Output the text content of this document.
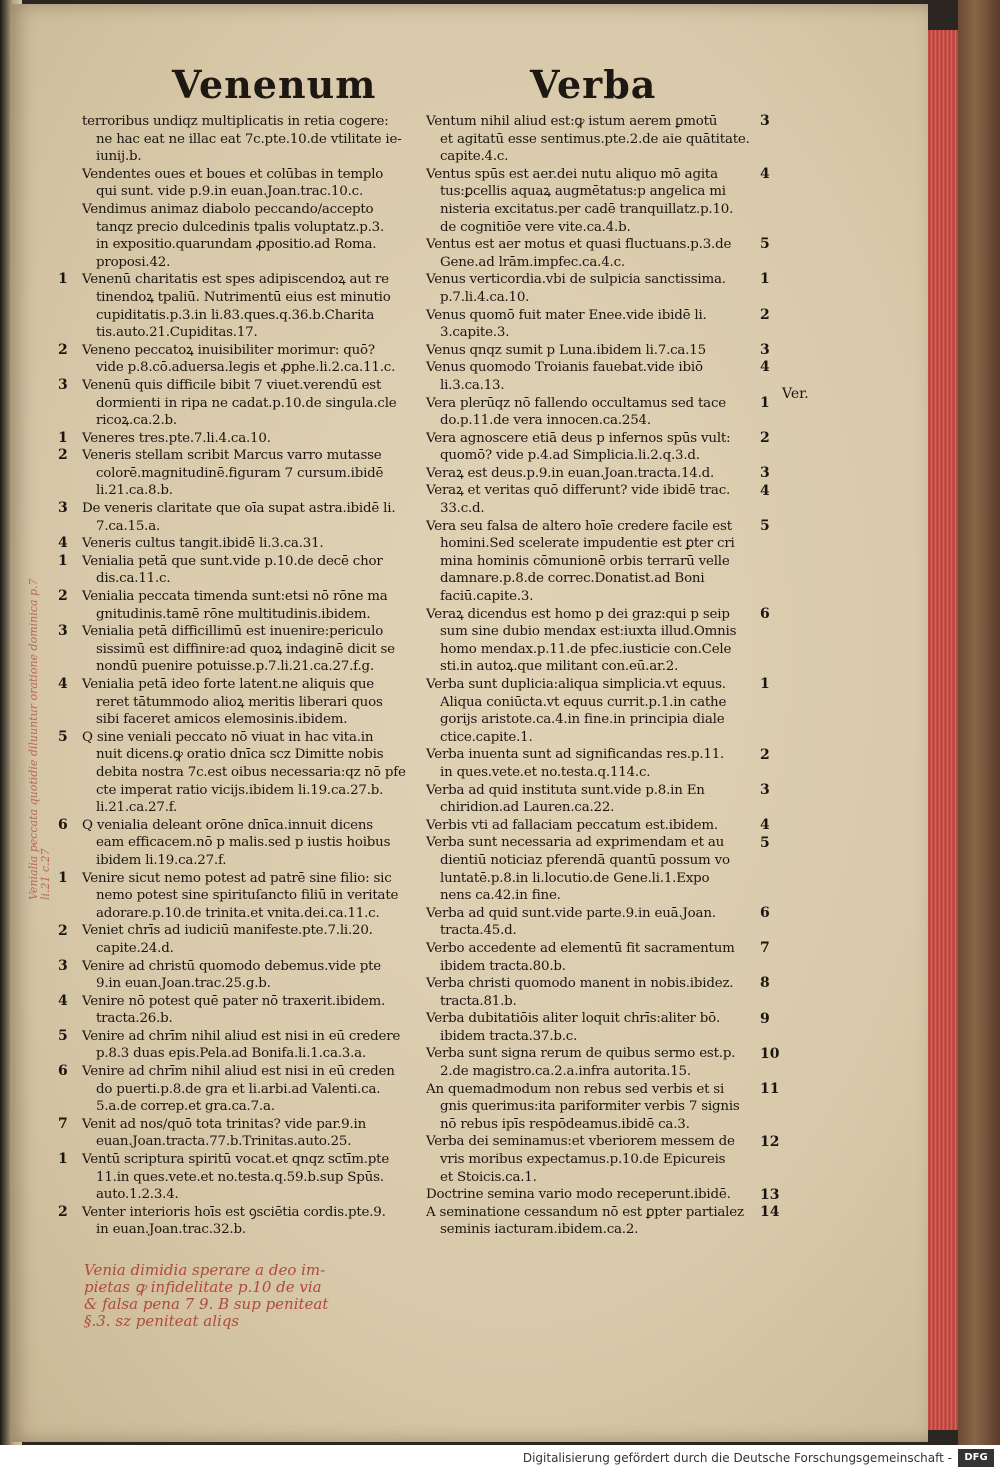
Venenum	Verba
terroribus undiqz multiplicatis in retia cogere:
ne hac eat ne illac eat 7c.pte.10.de vtilitate ie-
iunij.b.
Vendentes oues et boues et colūbas in templo
qui sunt. vide p.9.in euan.Joan.trac.10.c.
Vendimus animaz diabolo peccando/accepto
tanqz precio dulcedinis tpalis voluptatz.p.3.
in expositio.quarundam ꝓpositio.ad Roma.
proposi.42.
Venenū charitatis est spes adipiscendoꝝ aut re
tinendoꝝ tpaliū. Nutrimentū eius est minutio
cupiditatis.p.3.in li.83.ques.q.36.b.Charita
tis.auto.21.Cupiditas.17.
Veneno peccatoꝝ inuisibiliter morimur: quō?
vide p.8.cō.aduersa.legis et ꝓphe.li.2.ca.11.c.
Venenū quis difficile bibit 7 viuet.verendū est
dormienti in ripa ne cadat.p.10.de singula.cle
ricoꝝ.ca.2.b.
Veneres tres.pte.7.li.4.ca.10.
Veneris stellam scribit Marcus varro mutasse
colorē.magnitudinē.figuram 7 cursum.ibidē
li.21.ca.8.b.
De veneris claritate que oīa supat astra.ibidē li.
7.ca.15.a.
Veneris cultus tangit.ibidē li.3.ca.31.
Venialia petā que sunt.vide p.10.de decē chor
dis.ca.11.c.
Venialia peccata timenda sunt:etsi nō rōne ma
gnitudinis.tamē rōne multitudinis.ibidem.
Venialia petā difficillimū est inuenire:periculo
sissimū est diffinire:ad quoꝝ indaginē dicit se
nondū puenire potuisse.p.7.li.21.ca.27.f.g.
Venialia petā ideo forte latent.ne aliquis que
reret tātummodo alioꝝ meritis liberari quos
sibi faceret amicos elemosinis.ibidem.
Q sine veniali peccato nō viuat in hac vita.in
nuit dicens.ꝙ oratio dnīca scz Dimitte nobis
debita nostra 7c.est oibus necessaria:qz nō pfe
cte imperat ratio vicijs.ibidem li.19.ca.27.b.
li.21.ca.27.f.
Q venialia deleant orōne dnīca.innuit dicens
eam efficacem.nō p malis.sed p iustis hoibus
ibidem li.19.ca.27.f.
Venire sicut nemo potest ad patrē sine filio: sic
nemo potest sine spirituſancto filiū in veritate
adorare.p.10.de trinita.et vnita.dei.ca.11.c.
Veniet chrīs ad iudiciū manifeste.pte.7.li.20.
capite.24.d.
Venire ad christū quomodo debemus.vide pte
9.in euan.Joan.trac.25.g.b.
Venire nō potest quē pater nō traxerit.ibidem.
tracta.26.b.
Venire ad chrīm nihil aliud est nisi in eū credere
p.8.3 duas epis.Pela.ad Bonifa.li.1.ca.3.a.
Venire ad chrīm nihil aliud est nisi in eū creden
do puerti.p.8.de gra et li.arbi.ad Valenti.ca.
5.a.de correp.et gra.ca.7.a.
Venit ad nos/quō tota trinitas? vide par.9.in
euan.Joan.tracta.77.b.Trinitas.auto.25.
Ventū scriptura spiritū vocat.et qnqz sctīm.pte
11.in ques.vete.et no.testa.q.59.b.sup Spūs.
auto.1.2.3.4.
Venter interioris hoīs est ꝯsciētia cordis.pte.9.
in euan.Joan.trac.32.b.
Ventum nihil aliud est:ꝙ istum aerem ꝑmotū
et agitatū esse sentimus.pte.2.de aie quātitate.
capite.4.c.
Ventus spūs est aer.dei nutu aliquo mō agita
tus:ꝑcellis aquaꝝ augmētatus:p angelica mi
nisteria excitatus.per cadē tranquillatz.p.10.
de cognitiōe vere vite.ca.4.b.
Ventus est aer motus et quasi fluctuans.p.3.de
Gene.ad lrām.impfec.ca.4.c.
Venus verticordia.vbi de sulpicia sanctissima.
p.7.li.4.ca.10.
Venus quomō fuit mater Enee.vide ibidē li.
3.capite.3.
Venus qnqz sumit p Luna.ibidem li.7.ca.15
Venus quomodo Troianis fauebat.vide ibiō
li.3.ca.13.
Vera plerūqz nō fallendo occultamus sed tace
do.p.11.de vera innocen.ca.254.
Vera agnoscere etiā deus p infernos spūs vult:
quomō? vide p.4.ad Simplicia.li.2.q.3.d.
Veraꝝ est deus.p.9.in euan.Joan.tracta.14.d.
Veraꝝ et veritas quō differunt? vide ibidē trac.
33.c.d.
Vera seu falsa de altero hoīe credere facile est
homini.Sed scelerate impudentie est ꝑter cri
mina hominis cōmunionē orbis terrarū velle
damnare.p.8.de correc.Donatist.ad Boni
faciū.capite.3.
Veraꝝ dicendus est homo p dei graz:qui p seip
sum sine dubio mendax est:iuxta illud.Omnis
homo mendax.p.11.de pfec.iusticie con.Cele
sti.in autoꝝ.que militant con.eū.ar.2.
Verba sunt duplicia:aliqua simplicia.vt equus.
Aliqua coniūcta.vt equus currit.p.1.in cathe
gorijs aristote.ca.4.in fine.in principia diale
ctice.capite.1.
Verba inuenta sunt ad significandas res.p.11.
in ques.vete.et no.testa.q.114.c.
Verba ad quid instituta sunt.vide p.8.in En
chiridion.ad Lauren.ca.22.
Verbis vti ad fallaciam peccatum est.ibidem.
Verba sunt necessaria ad exprimendam et au
dientiū noticiaz pferendā quantū possum vo
luntatē.p.8.in li.locutio.de Gene.li.1.Expo
nens ca.42.in fine.
Verba ad quid sunt.vide parte.9.in euā.Joan.
tracta.45.d.
Verbo accedente ad elementū fit sacramentum
ibidem tracta.80.b.
Verba christi quomodo manent in nobis.ibidez.
tracta.81.b.
Verba dubitatiōis aliter loquit chrīs:aliter bō.
ibidem tracta.37.b.c.
Verba sunt signa rerum de quibus sermo est.p.
2.de magistro.ca.2.a.infra autorita.15.
An quemadmodum non rebus sed verbis et si
gnis querimus:ita pariformiter verbis 7 signis
nō rebus ipīs respōdeamus.ibidē ca.3.
Verba dei seminamus:et vberiorem messem de
vris moribus expectamus.p.10.de Epicureis
et Stoicis.ca.1.
Doctrine semina vario modo receperunt.ibidē.
A seminatione cessandum nō est ꝑpter partialez
seminis iacturam.ibidem.ca.2.
1
2
3
1
2
3
4
1
2
3
4
5
6
1
2
3
4
5
6
7
1
2
3
4
5
1
2
3
4
1
2
3
4
5
6
1
2
3
4
5
6
7
8
9
10
11
12
13
14
Ver.
Venialia peccata quotidie diluuntur oratione dominica p.7 li.21 c.27
Venia dimidia sperare a deo im-
pietas ꝙ infidelitate p.10 de via
& falsa pena 7 9. B sup peniteat
§.3. sz peniteat aliqs
Digitalisierung gefördert durch die Deutsche Forschungsgemeinschaft -	DFG
